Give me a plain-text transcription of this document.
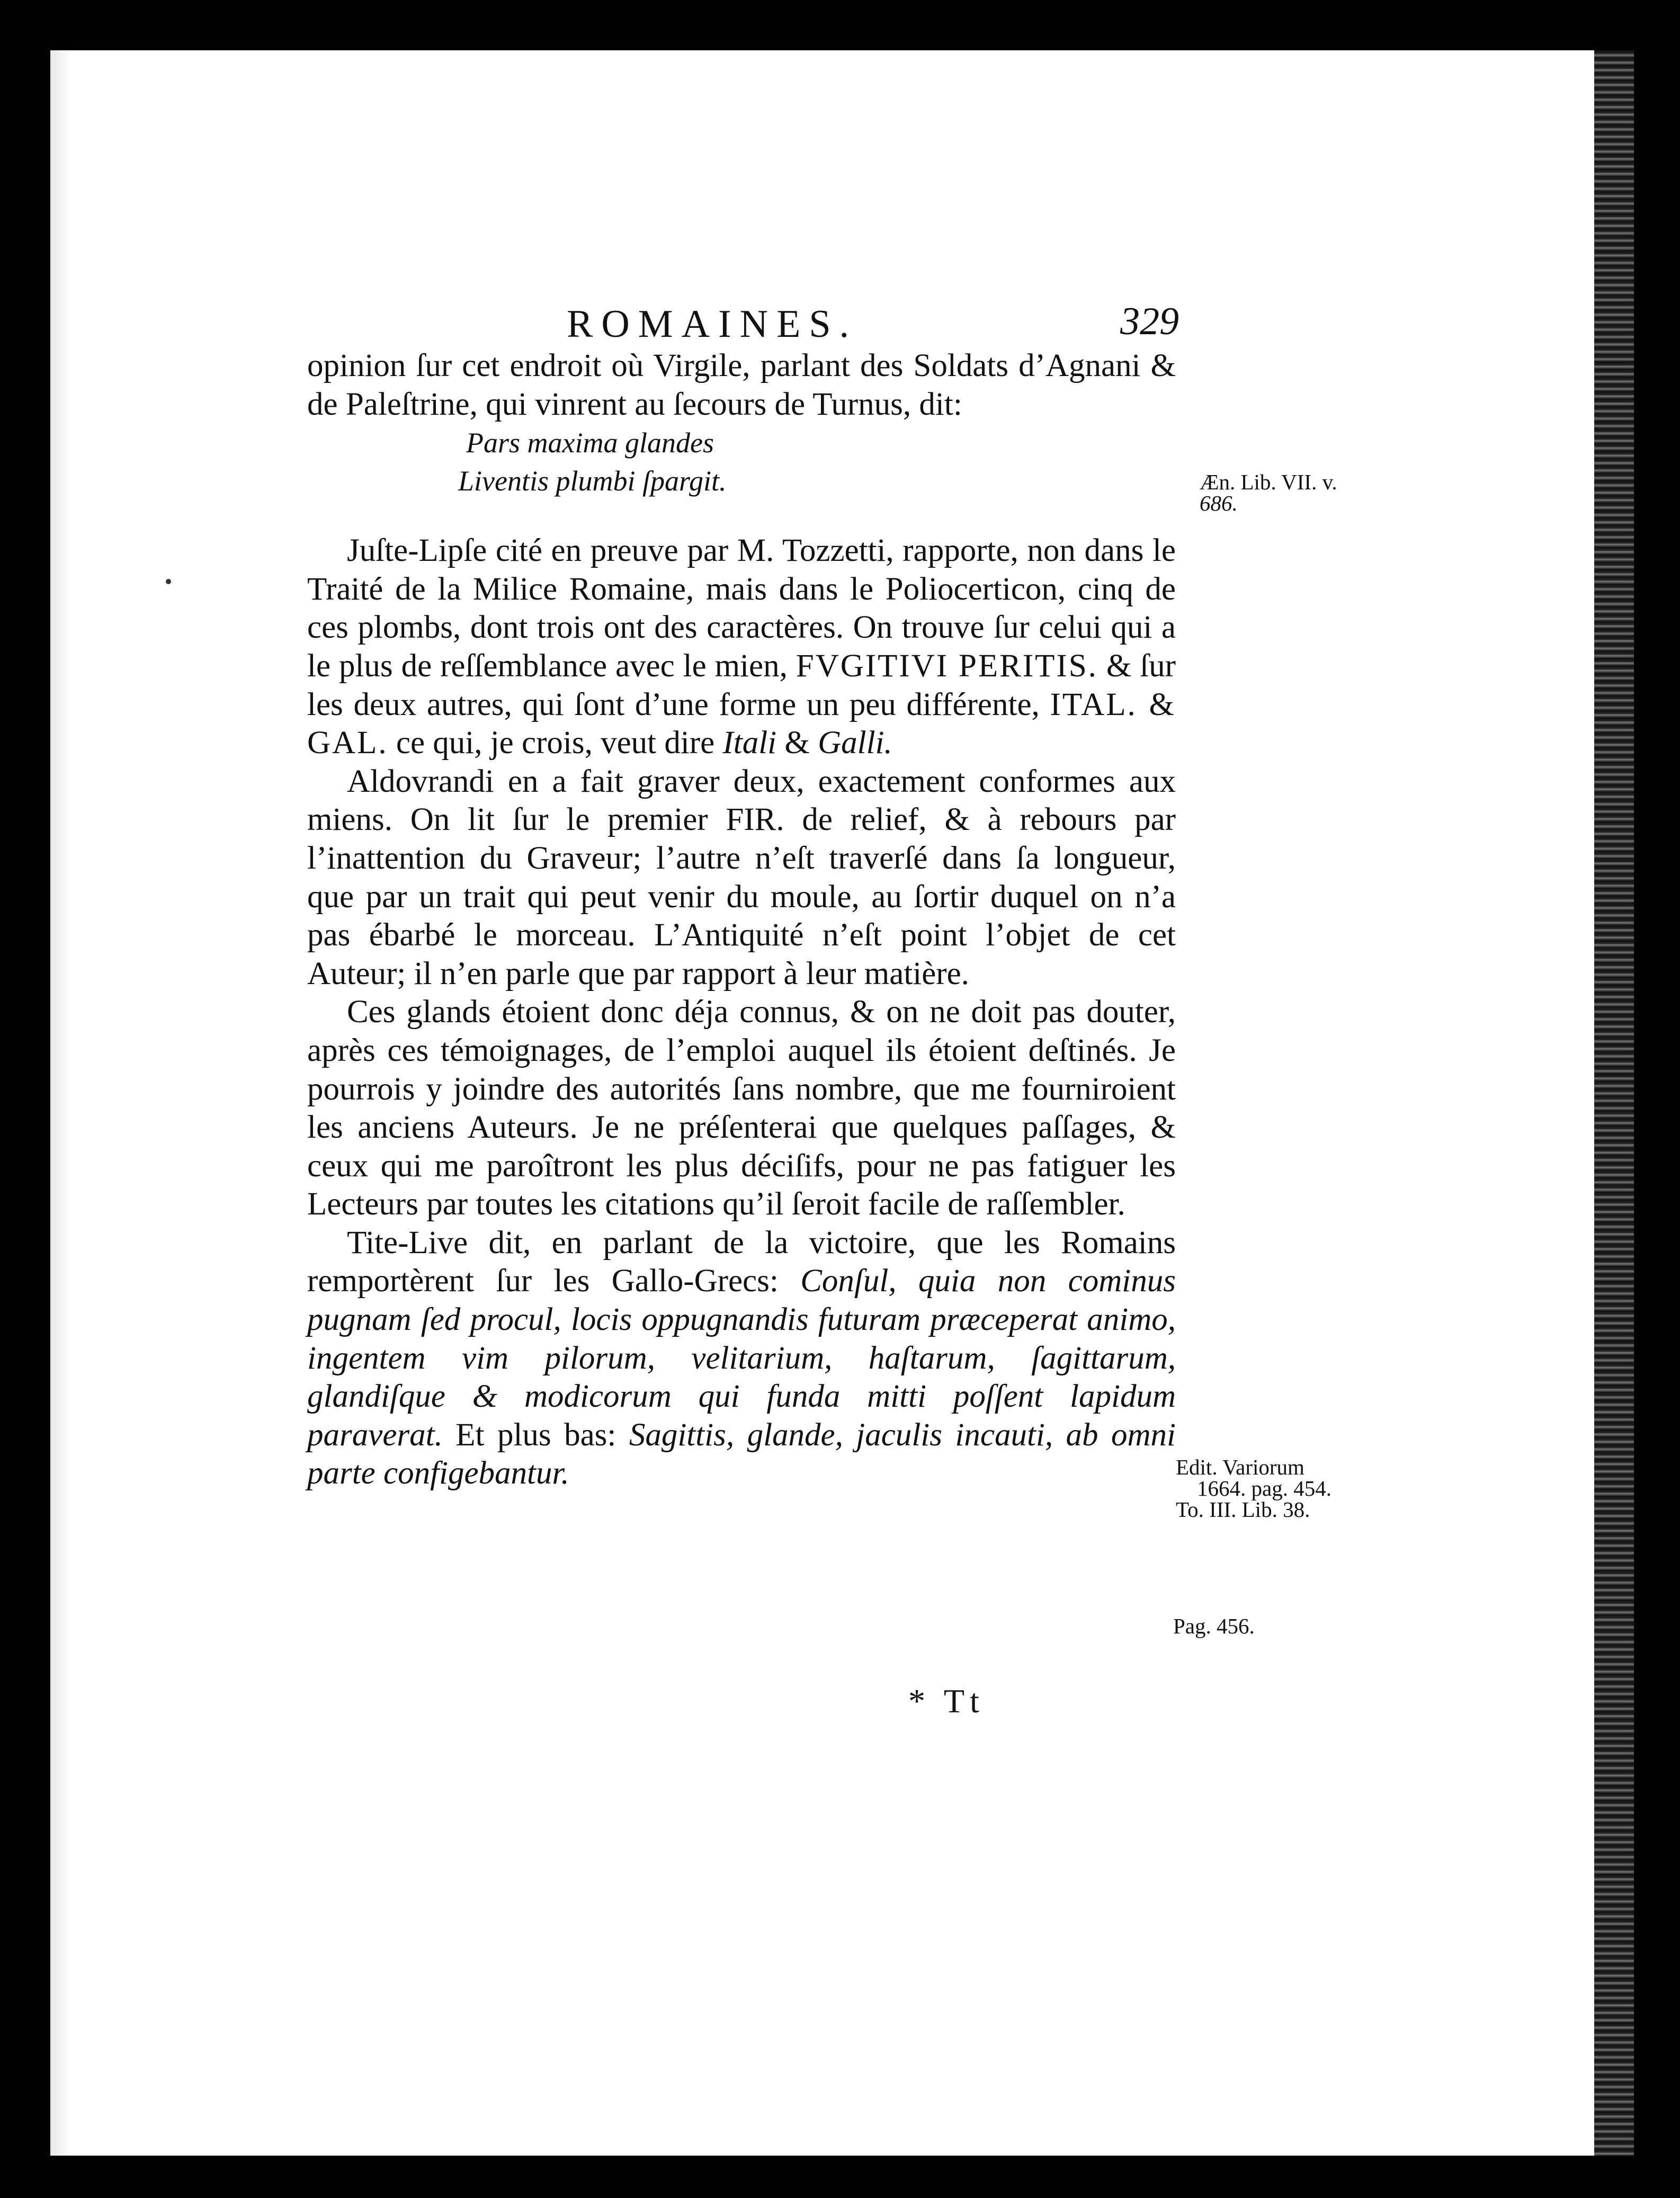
ROMAINES.	329

opinion ſur cet endroit où Virgile, parlant des Soldats d’Agnani & de Paleſtrine, qui vinrent au ſecours de Turnus, dit:

Pars maxima glandes
Liventis plumbi ſpargit.

Juſte-Lipſe cité en preuve par M. Tozzetti, rapporte, non dans le Traité de la Milice Romaine, mais dans le Poliocerticon, cinq de ces plombs, dont trois ont des caractères. On trouve ſur celui qui a le plus de reſſemblance avec le mien, FVGITIVI PERITIS. & ſur les deux autres, qui ſont d’une forme un peu différente, ITAL. & GAL. ce qui, je crois, veut dire Itali & Galli.

Aldovrandi en a fait graver deux, exactement conformes aux miens. On lit ſur le premier FIR. de relief, & à rebours par l’inattention du Graveur; l’autre n’eſt traverſé dans ſa longueur, que par un trait qui peut venir du moule, au ſortir duquel on n’a pas ébarbé le morceau. L’Antiquité n’eſt point l’objet de cet Auteur; il n’en parle que par rapport à leur matière.

Ces glands étoient donc déja connus, & on ne doit pas douter, après ces témoignages, de l’emploi auquel ils étoient deſtinés. Je pourrois y joindre des autorités ſans nombre, que me fourniroient les anciens Auteurs. Je ne préſenterai que quelques paſſages, & ceux qui me paroîtront les plus déciſifs, pour ne pas fatiguer les Lecteurs par toutes les citations qu’il ſeroit facile de raſſembler.

Tite-Live dit, en parlant de la victoire, que les Romains remportèrent ſur les Gallo-Grecs: Conſul, quia non cominus pugnam ſed procul, locis oppugnandis futuram præceperat animo, ingentem vim pilorum, velitarium, haſtarum, ſagittarum, glandiſque & modicorum qui funda mitti poſſent lapidum paraverat. Et plus bas: Sagittis, glande, jaculis incauti, ab omni parte configebantur.

Æn. Lib. VII. v.
686.
Edit. Variorum
1664. pag. 454.
To. III. Lib. 38.
Pag. 456.
* Tt
